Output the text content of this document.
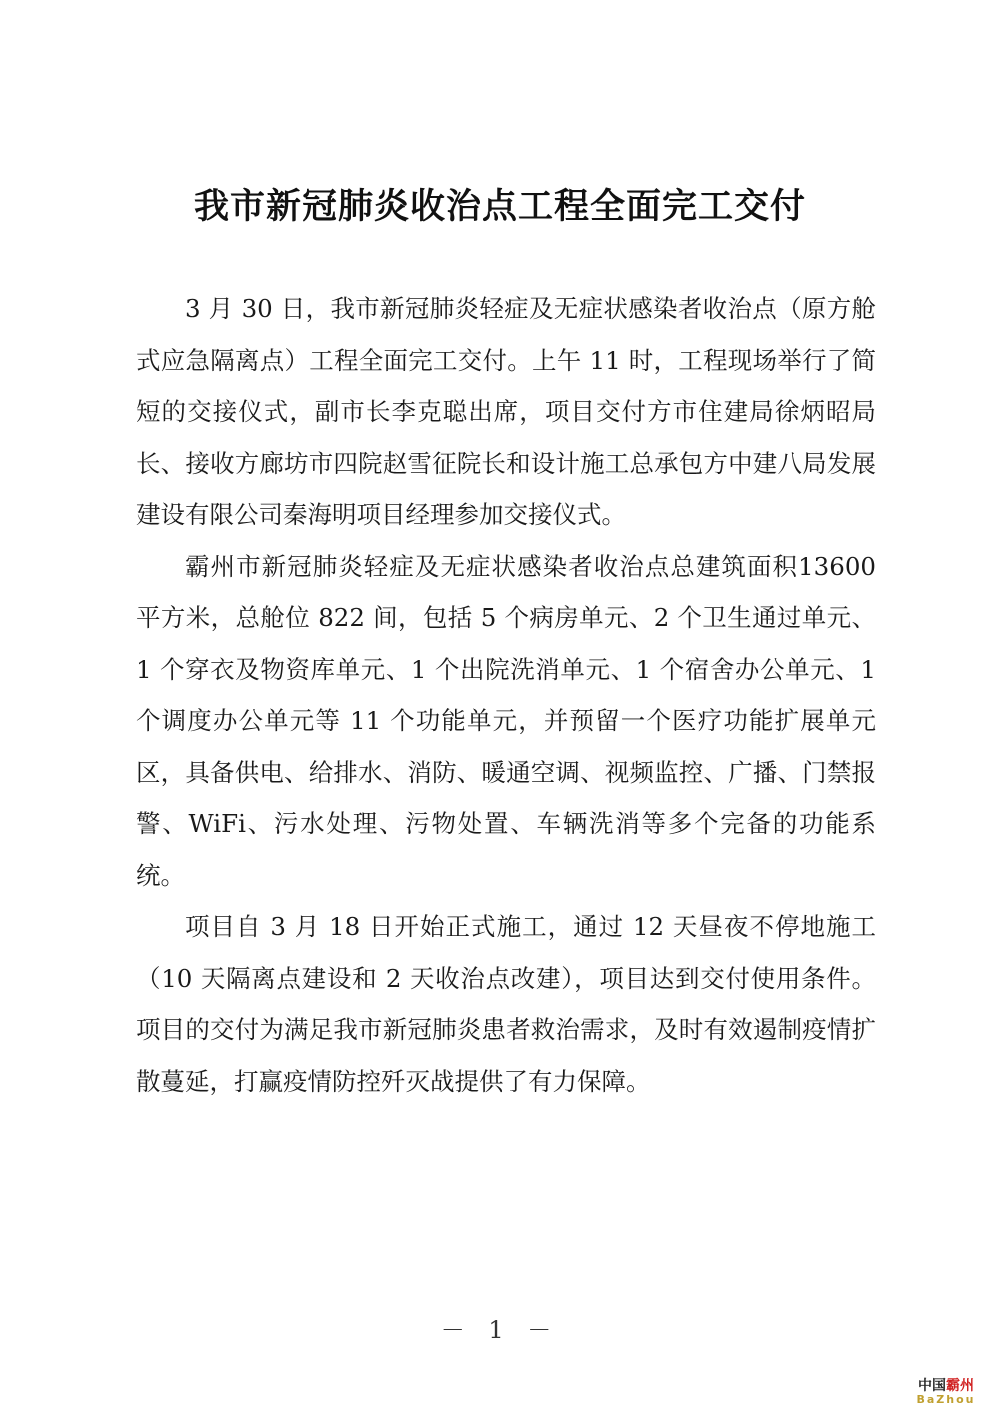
我市新冠肺炎收治点工程全面完工交付

3 月 30 日，我市新冠肺炎轻症及无症状感染者收治点（原方舱式应急隔离点）工程全面完工交付。上午 11 时，工程现场举行了简短的交接仪式，副市长李克聪出席，项目交付方市住建局徐炳昭局长、接收方廊坊市四院赵雪征院长和设计施工总承包方中建八局发展建设有限公司秦海明项目经理参加交接仪式。

霸州市新冠肺炎轻症及无症状感染者收治点总建筑面积13600 平方米，总舱位 822 间，包括 5 个病房单元、2 个卫生通过单元、1 个穿衣及物资库单元、1 个出院洗消单元、1 个宿舍办公单元、1 个调度办公单元等 11 个功能单元，并预留一个医疗功能扩展单元区，具备供电、给排水、消防、暖通空调、视频监控、广播、门禁报警、WiFi、污水处理、污物处置、车辆洗消等多个完备的功能系统。

项目自 3 月 18 日开始正式施工，通过 12 天昼夜不停地施工（10 天隔离点建设和 2 天收治点改建），项目达到交付使用条件。项目的交付为满足我市新冠肺炎患者救治需求，及时有效遏制疫情扩散蔓延，打赢疫情防控歼灭战提供了有力保障。

－ 1 －
中国霸州
BaZhou
